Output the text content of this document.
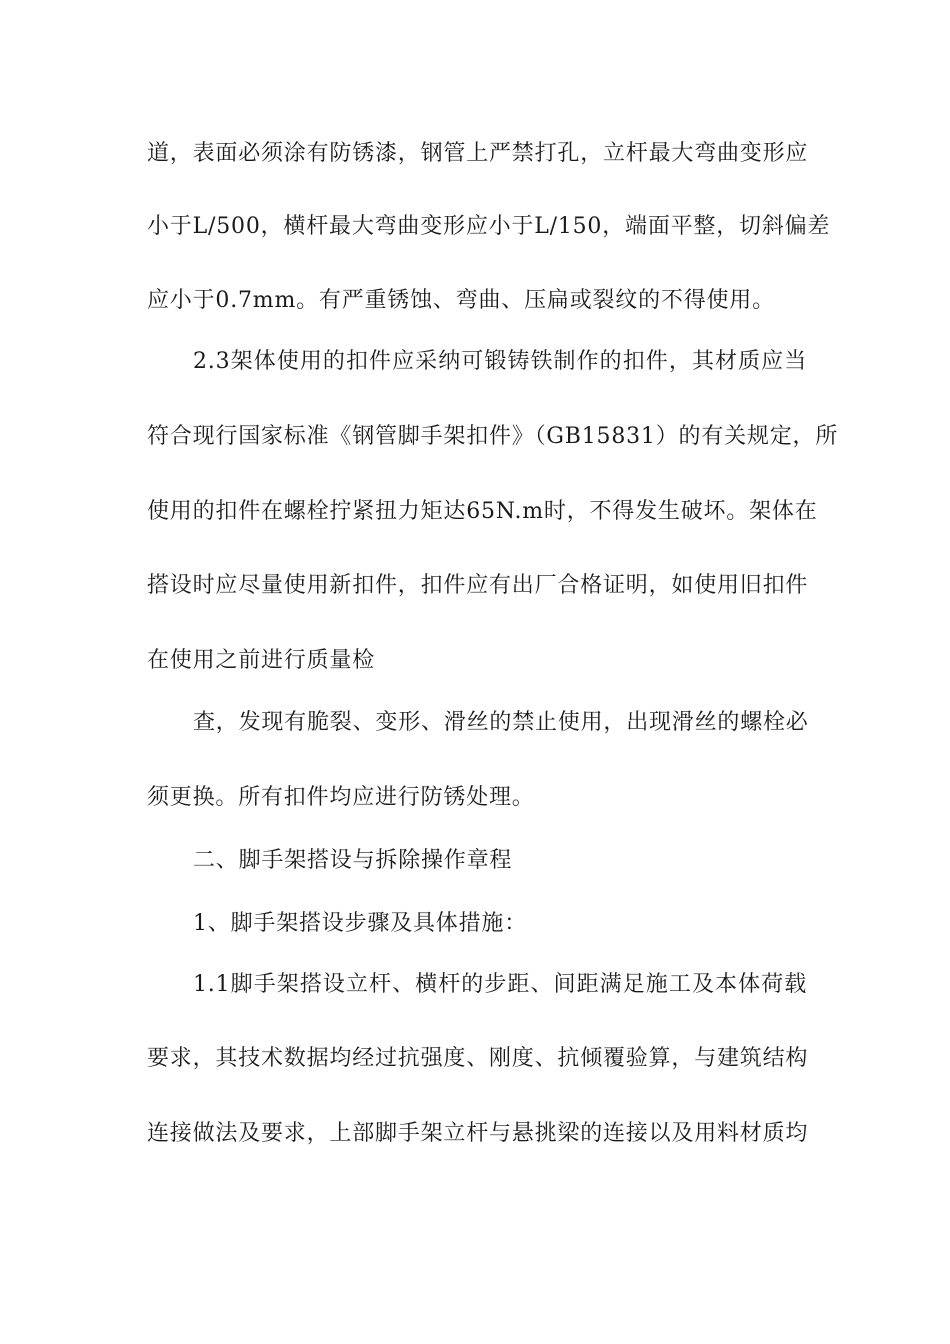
道，表面必须涂有防锈漆，钢管上严禁打孔，立杆最大弯曲变形应
小于L/500，横杆最大弯曲变形应小于L/150，端面平整，切斜偏差
应小于0.7mm。有严重锈蚀、弯曲、压扁或裂纹的不得使用。
2.3架体使用的扣件应采纳可锻铸铁制作的扣件，其材质应当
符合现行国家标准《钢管脚手架扣件》（GB15831）的有关规定，所
使用的扣件在螺栓拧紧扭力矩达65N.m时，不得发生破坏。架体在
搭设时应尽量使用新扣件，扣件应有出厂合格证明，如使用旧扣件
在使用之前进行质量检
查，发现有脆裂、变形、滑丝的禁止使用，出现滑丝的螺栓必
须更换。所有扣件均应进行防锈处理。
二、脚手架搭设与拆除操作章程
1、脚手架搭设步骤及具体措施：
1.1脚手架搭设立杆、横杆的步距、间距满足施工及本体荷载
要求，其技术数据均经过抗强度、刚度、抗倾覆验算，与建筑结构
连接做法及要求，上部脚手架立杆与悬挑梁的连接以及用料材质均
